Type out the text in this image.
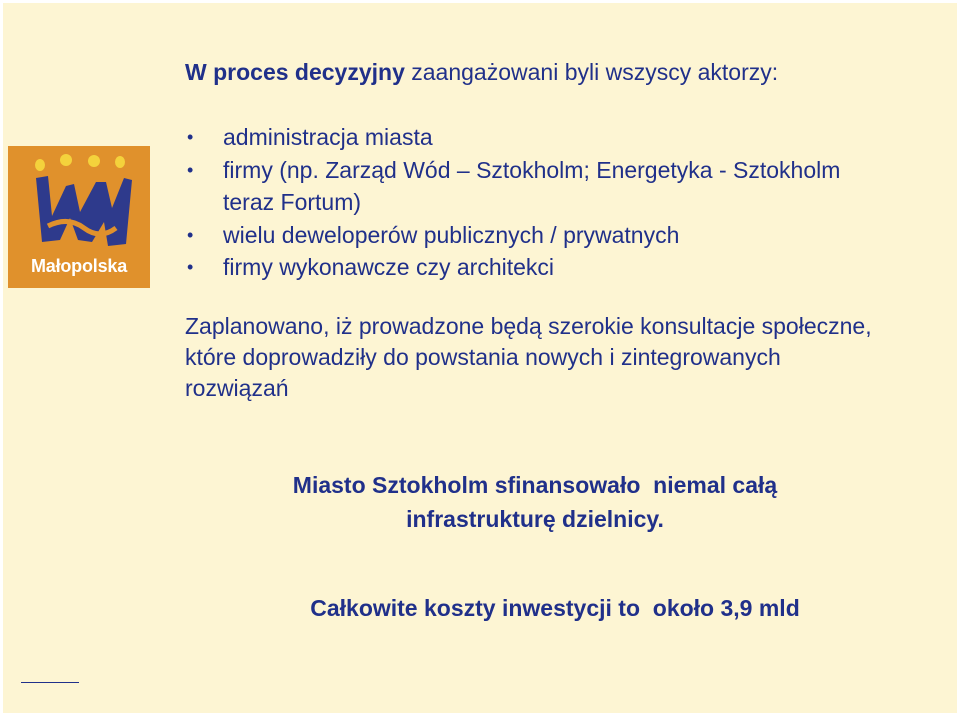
Małopolska
W proces decyzyjny zaangażowani byli wszyscy aktorzy:
• administracja miasta
• firmy (np. Zarząd Wód – Sztokholm; Energetyka - Sztokholm teraz Fortum)
• wielu deweloperów publicznych / prywatnych
• firmy wykonawcze czy architekci
Zaplanowano, iż prowadzone będą szerokie konsultacje społeczne, które doprowadziły do powstania nowych i zintegrowanych rozwiązań
Miasto Sztokholm sfinansowało  niemal całą
infrastrukturę dzielnicy.
Całkowite koszty inwestycji to  około 3,9 mld
